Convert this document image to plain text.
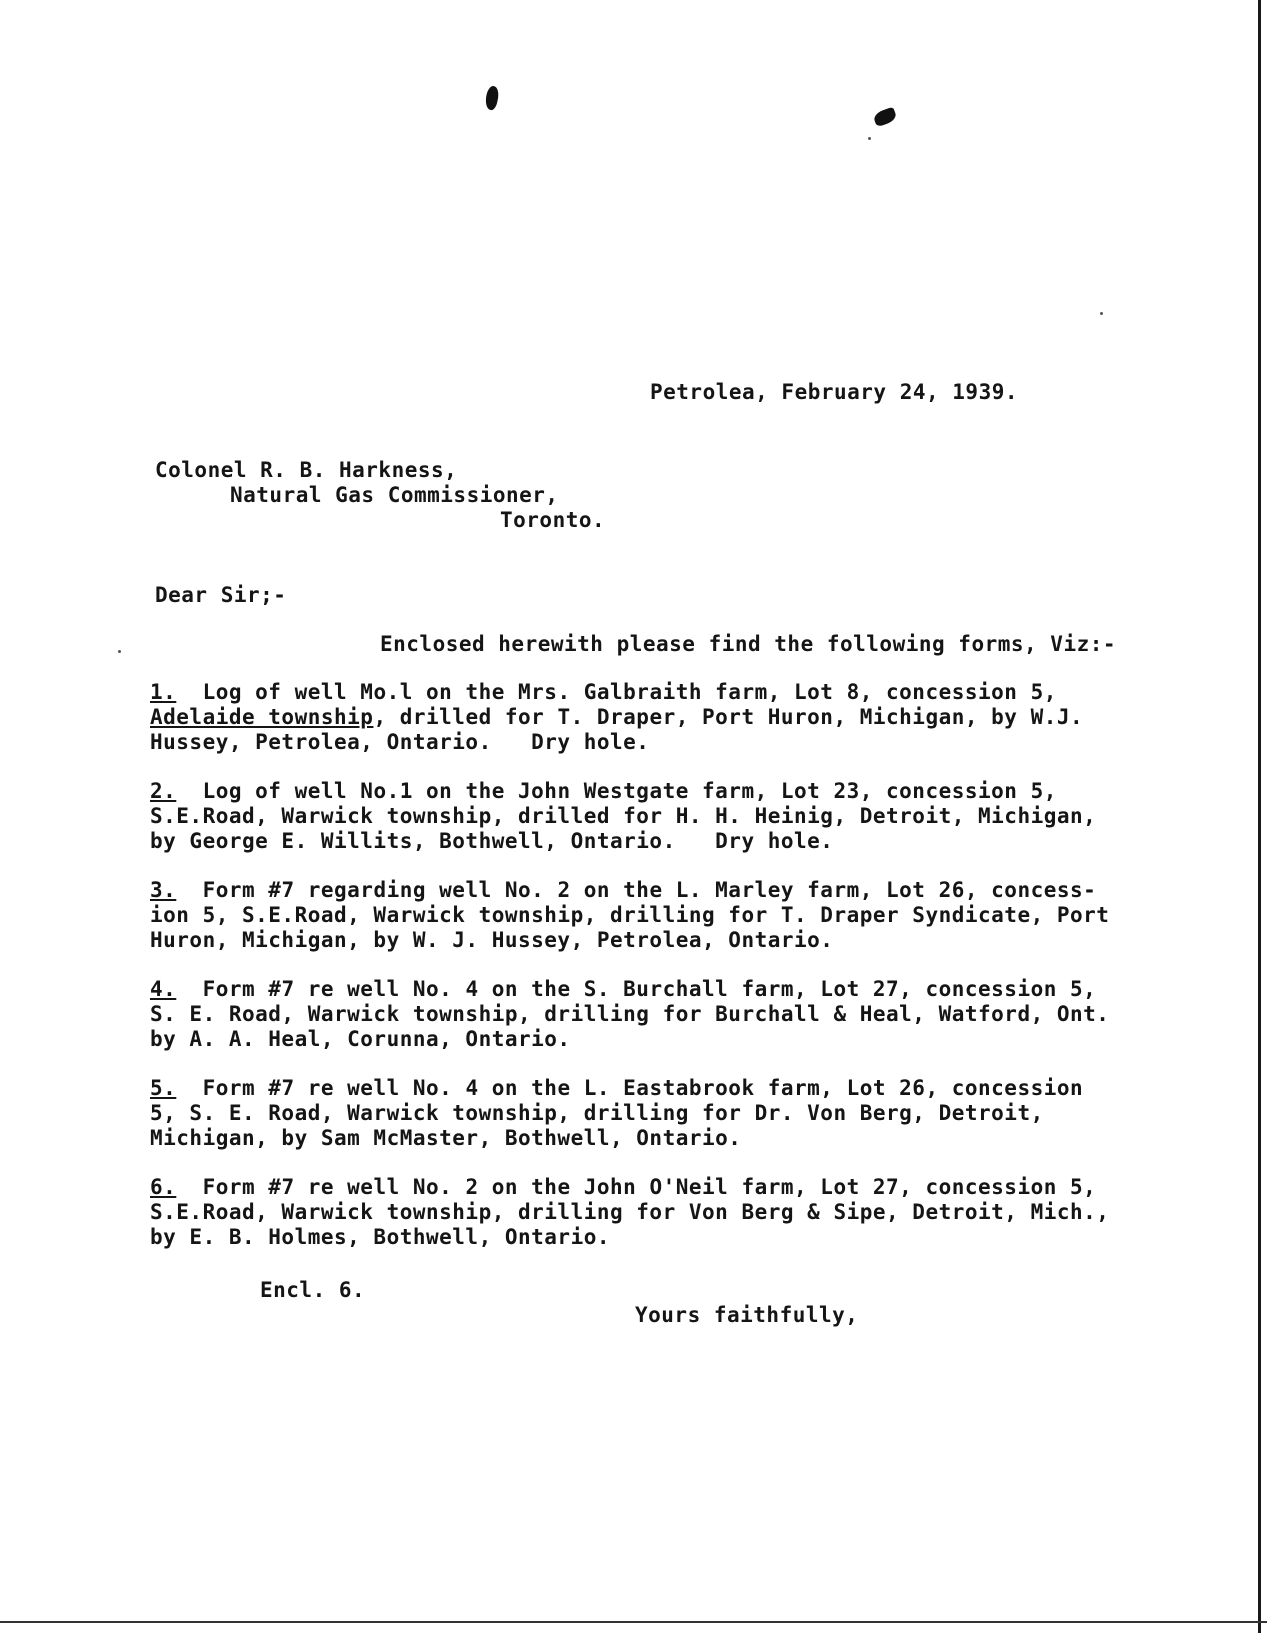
Petrolea, February 24, 1939.
Colonel R. B. Harkness,
Natural Gas Commissioner,
Toronto.
Dear Sir;-
Enclosed herewith please find the following forms, Viz:-
1.  Log of well Mo.l on the Mrs. Galbraith farm, Lot 8, concession 5,
Adelaide township, drilled for T. Draper, Port Huron, Michigan, by W.J.
Hussey, Petrolea, Ontario.   Dry hole.
2.  Log of well No.1 on the John Westgate farm, Lot 23, concession 5,
S.E.Road, Warwick township, drilled for H. H. Heinig, Detroit, Michigan,
by George E. Willits, Bothwell, Ontario.   Dry hole.
3.  Form #7 regarding well No. 2 on the L. Marley farm, Lot 26, concess-
ion 5, S.E.Road, Warwick township, drilling for T. Draper Syndicate, Port
Huron, Michigan, by W. J. Hussey, Petrolea, Ontario.
4.  Form #7 re well No. 4 on the S. Burchall farm, Lot 27, concession 5,
S. E. Road, Warwick township, drilling for Burchall & Heal, Watford, Ont.
by A. A. Heal, Corunna, Ontario.
5.  Form #7 re well No. 4 on the L. Eastabrook farm, Lot 26, concession
5, S. E. Road, Warwick township, drilling for Dr. Von Berg, Detroit,
Michigan, by Sam McMaster, Bothwell, Ontario.
6.  Form #7 re well No. 2 on the John O'Neil farm, Lot 27, concession 5,
S.E.Road, Warwick township, drilling for Von Berg & Sipe, Detroit, Mich.,
by E. B. Holmes, Bothwell, Ontario.
Encl. 6.
Yours faithfully,
